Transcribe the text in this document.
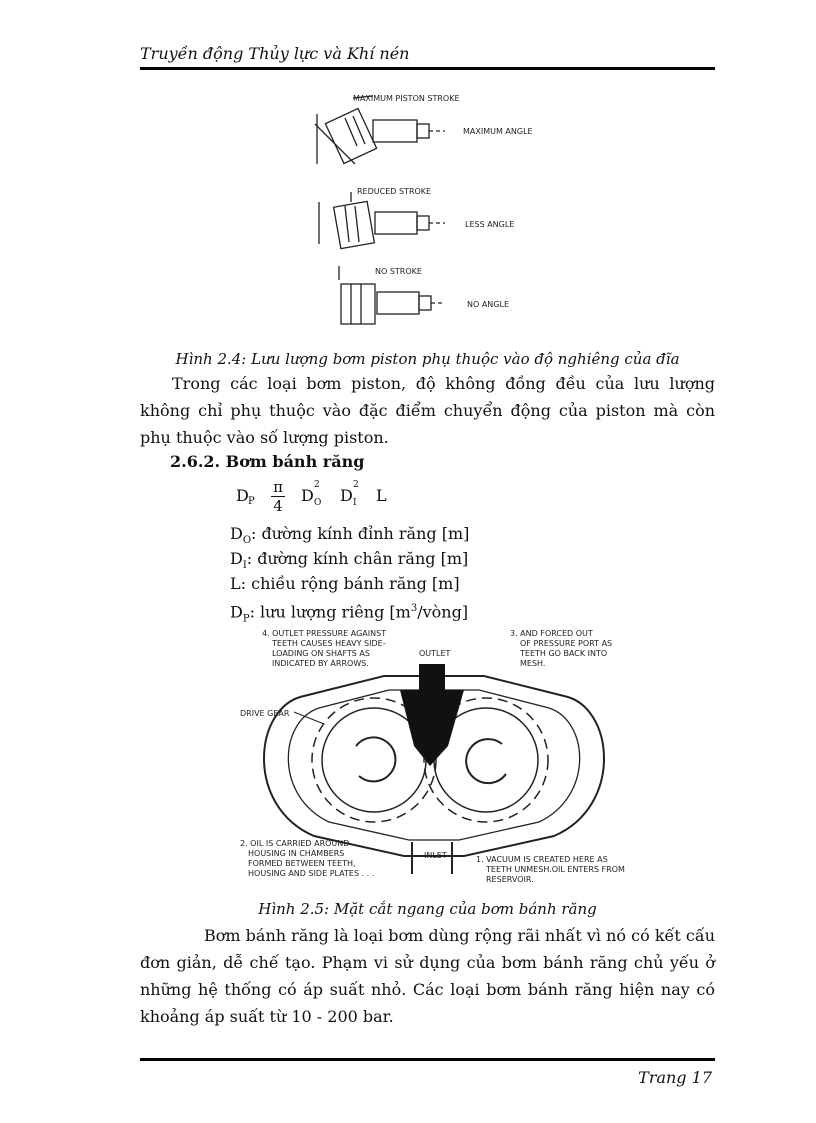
Truyền động Thủy lực và Khí nén
MAXIMUM PISTON STROKE
MAXIMUM ANGLE
REDUCED STROKE
LESS ANGLE
NO STROKE
NO ANGLE
Hình 2.4: Lưu lượng bơm piston phụ thuộc vào độ nghiêng của đĩa
Trong các loại bơm piston, độ không đồng đều của lưu lượng không chỉ phụ thuộc vào đặc điểm chuyển động của piston mà còn phụ thuộc vào số lượng piston.
2.6.2. Bơm bánh răng
D P $\frac{\pi}{4}$ D
2
O D
2
I L
$D_O$: đường kính đỉnh răng [m]
$D_I$: đường kính chân răng [m]
L: chiều rộng bánh răng [m]
$D_P$: lưu lượng riêng $[m^3/vòng]$
4. OUTLET PRESSURE AGAINST
TEETH CAUSES HEAVY SIDE-
LOADING ON SHAFTS AS
INDICATED BY ARROWS.
OUTLET
3. AND FORCED OUT
OF PRESSURE PORT AS
TEETH GO BACK INTO
MESH.
DRIVE GEAR
2. OIL IS CARRIED AROUND
HOUSING IN CHAMBERS
FORMED BETWEEN TEETH,
HOUSING AND SIDE PLATES . . .
INLET	1. VACUUM IS CREATED HERE AS
TEETH UNMESH.OIL ENTERS FROM
RESERVOIR.
Hình 2.5: Mặt cắt ngang của bơm bánh răng
Bơm bánh răng là loại bơm dùng rộng rãi nhất vì nó có kết cấu đơn giản, dễ chế tạo. Phạm vi sử dụng của bơm bánh răng chủ yếu ở những hệ thống có áp suất nhỏ. Các loại bơm bánh răng hiện nay có khoảng áp suất từ 10 - 200 bar.
Trang 17
